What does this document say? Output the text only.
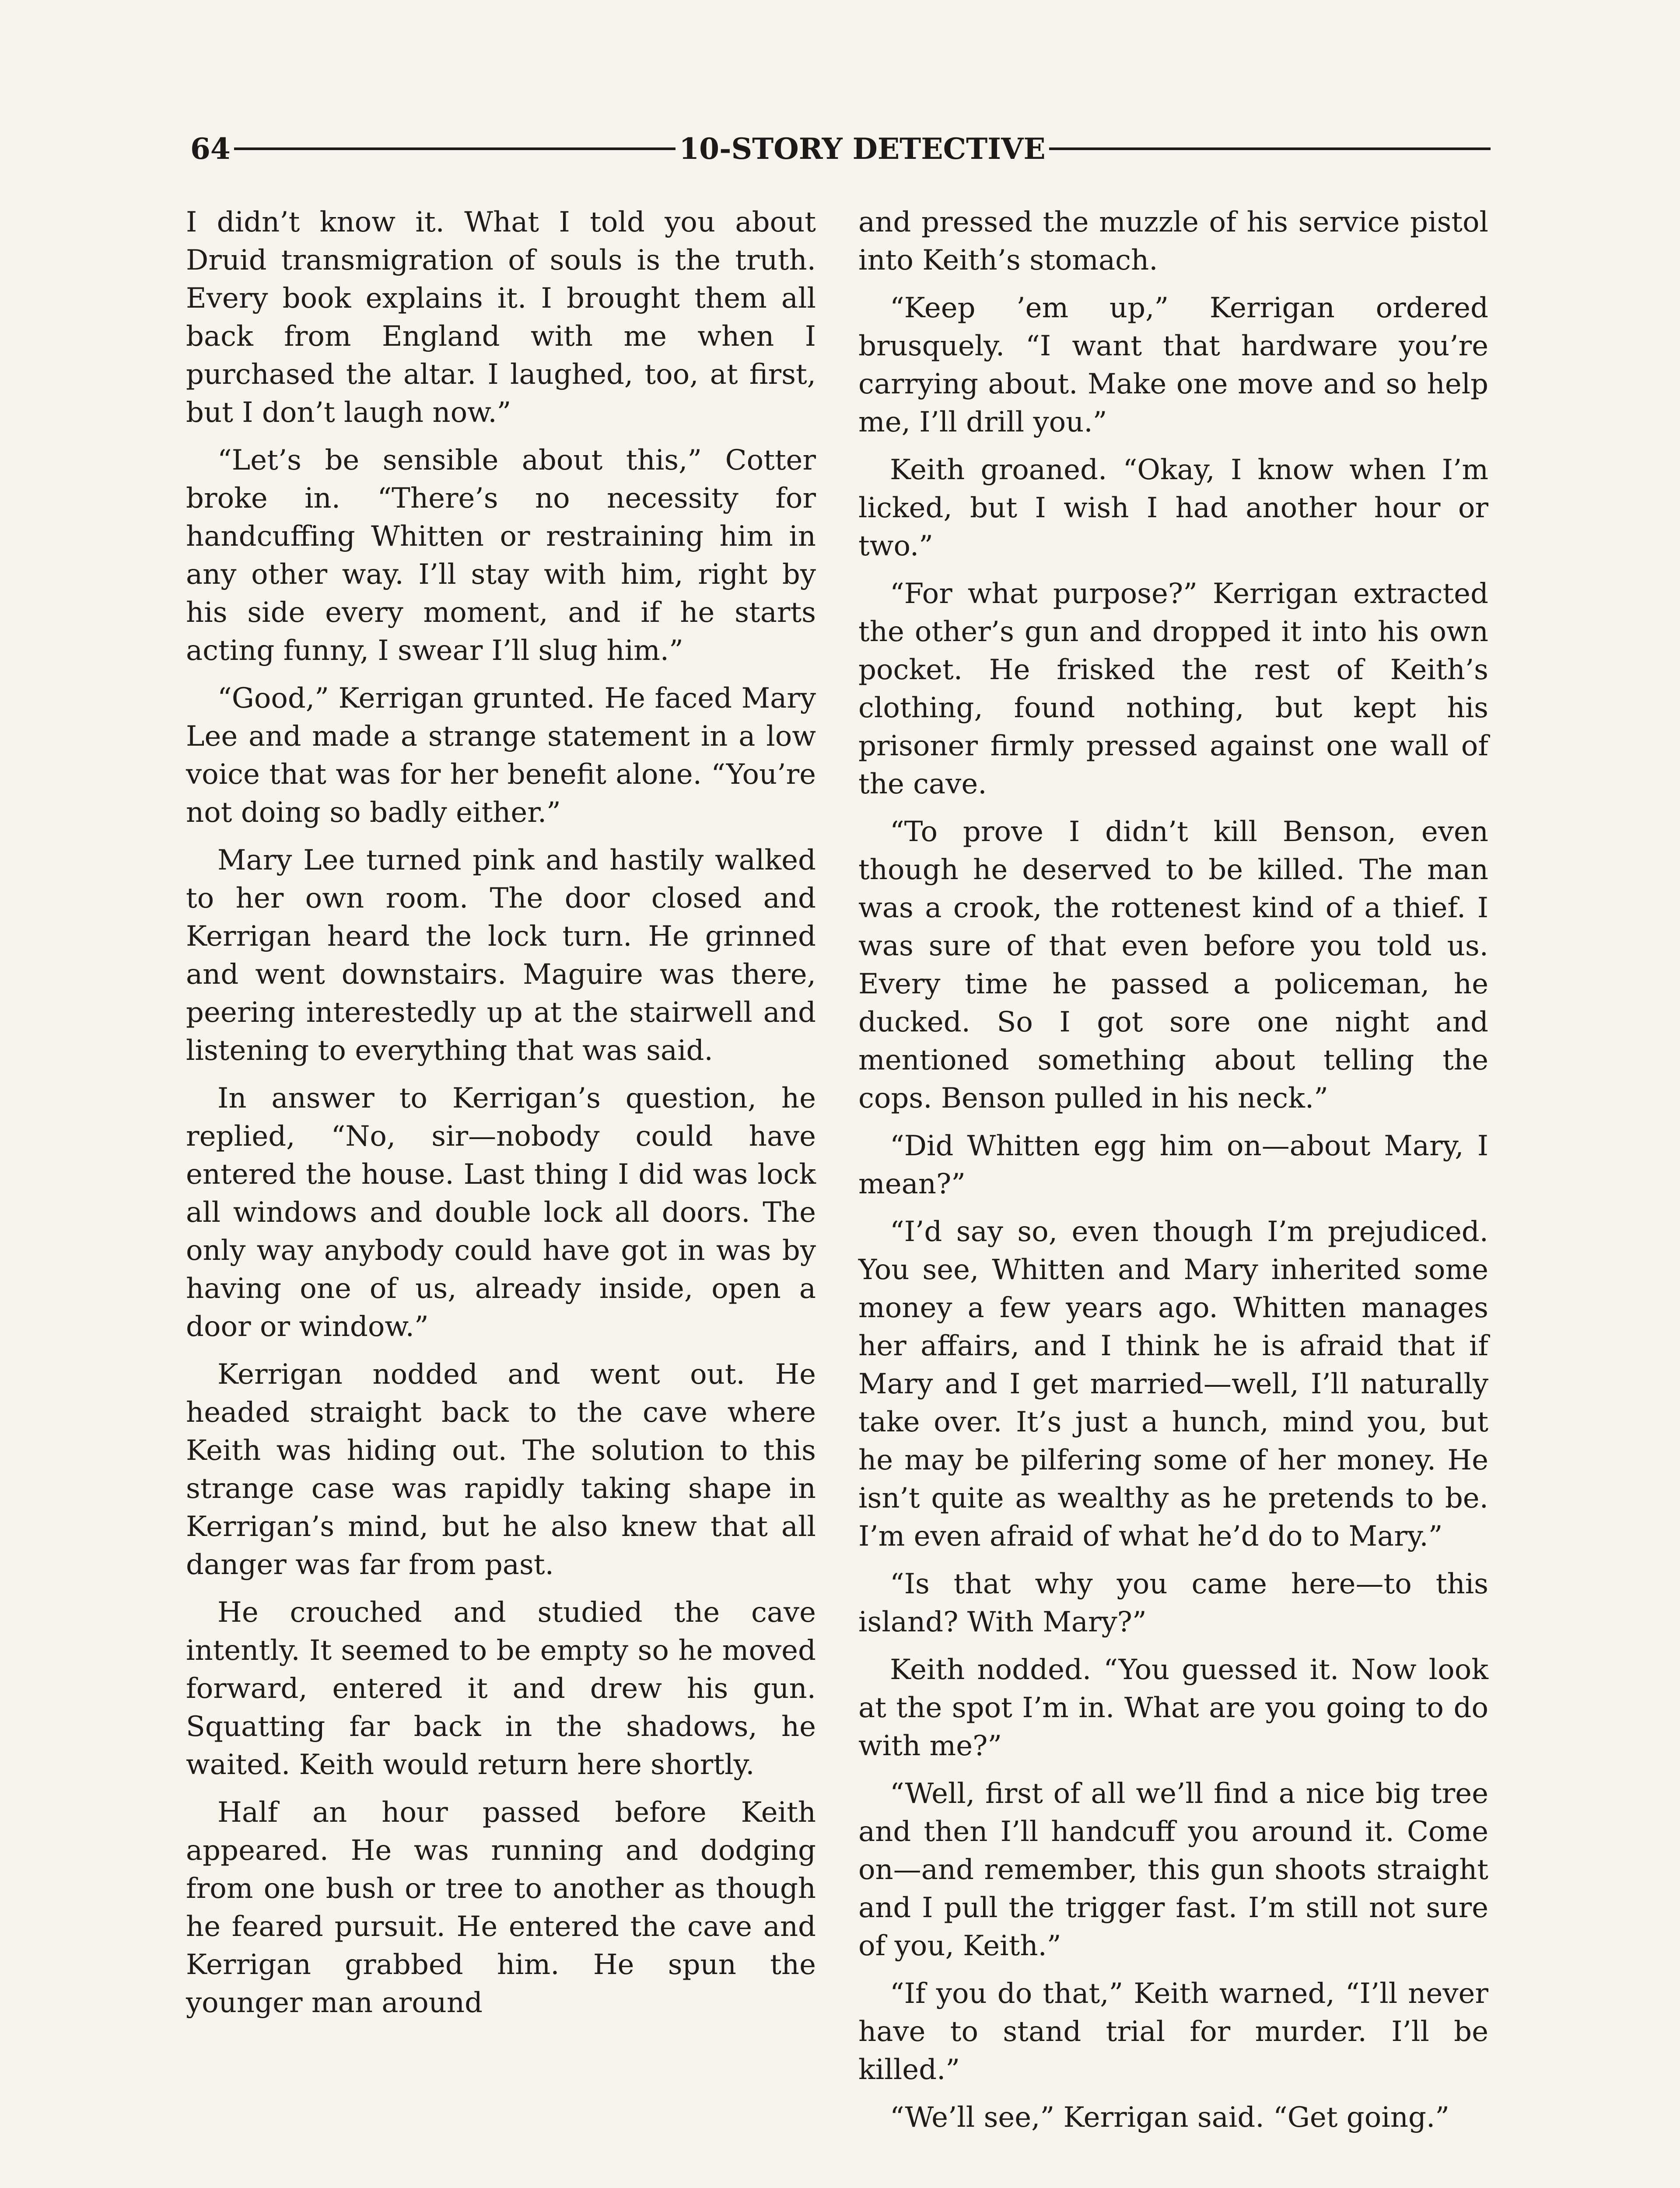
64	10-STORY DETECTIVE

I didn’t know it. What I told you about Druid transmigration of souls is the truth. Every book explains it. I brought them all back from England with me when I purchased the altar. I laughed, too, at first, but I don’t laugh now.”

“Let’s be sensible about this,” Cotter broke in. “There’s no necessity for handcuffing Whitten or restraining him in any other way. I’ll stay with him, right by his side every moment, and if he starts acting funny, I swear I’ll slug him.”

“Good,” Kerrigan grunted. He faced Mary Lee and made a strange statement in a low voice that was for her benefit alone. “You’re not doing so badly either.”

Mary Lee turned pink and hastily walked to her own room. The door closed and Kerrigan heard the lock turn. He grinned and went downstairs. Maguire was there, peering interestedly up at the stairwell and listening to everything that was said.

In answer to Kerrigan’s question, he replied, “No, sir—nobody could have entered the house. Last thing I did was lock all windows and double lock all doors. The only way anybody could have got in was by having one of us, already inside, open a door or window.”

Kerrigan nodded and went out. He headed straight back to the cave where Keith was hiding out. The solution to this strange case was rapidly taking shape in Kerrigan’s mind, but he also knew that all danger was far from past.

He crouched and studied the cave intently. It seemed to be empty so he moved forward, entered it and drew his gun. Squatting far back in the shadows, he waited. Keith would return here shortly.

Half an hour passed before Keith appeared. He was running and dodging from one bush or tree to another as though he feared pursuit. He entered the cave and Kerrigan grabbed him. He spun the younger man around

and pressed the muzzle of his service pistol into Keith’s stomach.

“Keep ’em up,” Kerrigan ordered brusquely. “I want that hardware you’re carrying about. Make one move and so help me, I’ll drill you.”

Keith groaned. “Okay, I know when I’m licked, but I wish I had another hour or two.”

“For what purpose?” Kerrigan extracted the other’s gun and dropped it into his own pocket. He frisked the rest of Keith’s clothing, found nothing, but kept his prisoner firmly pressed against one wall of the cave.

“To prove I didn’t kill Benson, even though he deserved to be killed. The man was a crook, the rottenest kind of a thief. I was sure of that even before you told us. Every time he passed a policeman, he ducked. So I got sore one night and mentioned something about telling the cops. Benson pulled in his neck.”

“Did Whitten egg him on—about Mary, I mean?”

“I’d say so, even though I’m prejudiced. You see, Whitten and Mary inherited some money a few years ago. Whitten manages her affairs, and I think he is afraid that if Mary and I get married—well, I’ll naturally take over. It’s just a hunch, mind you, but he may be pilfering some of her money. He isn’t quite as wealthy as he pretends to be. I’m even afraid of what he’d do to Mary.”

“Is that why you came here—to this island? With Mary?”

Keith nodded. “You guessed it. Now look at the spot I’m in. What are you going to do with me?”

“Well, first of all we’ll find a nice big tree and then I’ll handcuff you around it. Come on—and remember, this gun shoots straight and I pull the trigger fast. I’m still not sure of you, Keith.”

“If you do that,” Keith warned, “I’ll never have to stand trial for murder. I’ll be killed.”

“We’ll see,” Kerrigan said. “Get going.”
